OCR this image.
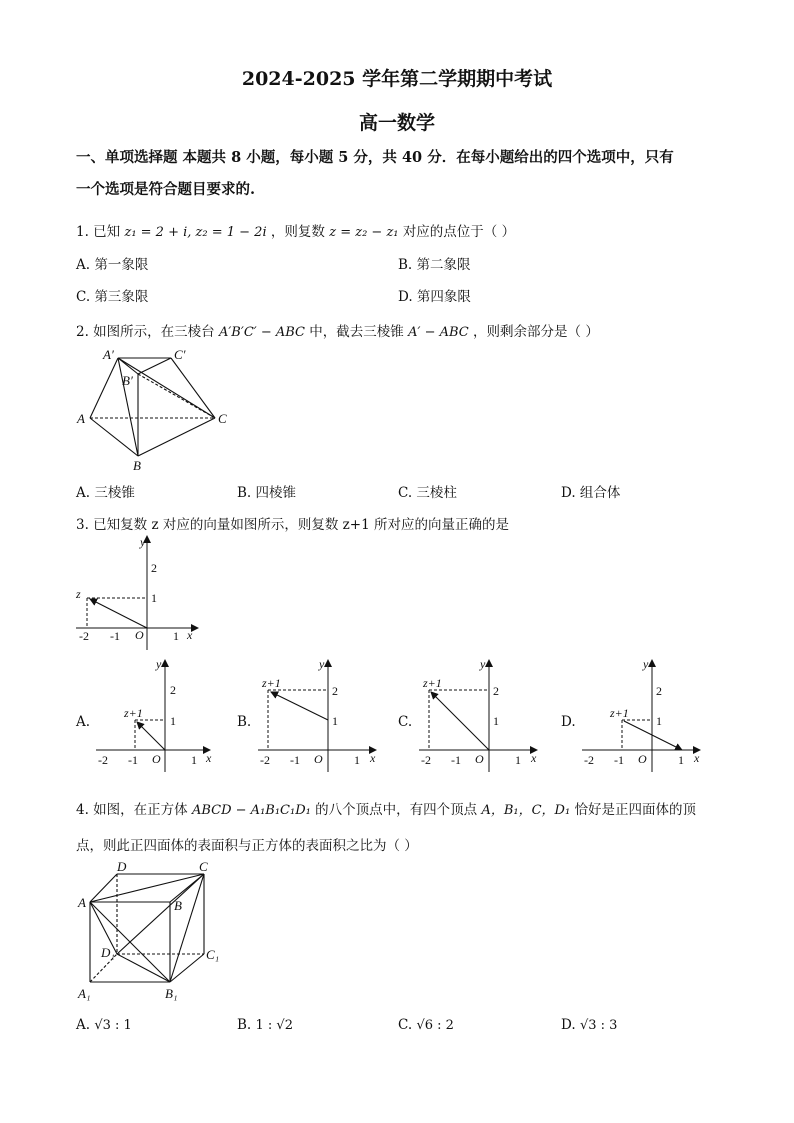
2024-2025 学年第二学期期中考试
高一数学
一、单项选择题 本题共 8 小题，每小题 5 分，共 40 分．在每小题给出的四个选项中，只有
一个选项是符合题目要求的.
1. 已知 z₁ = 2 + i, z₂ = 1 − 2i ，则复数 z = z₂ − z₁ 对应的点位于（ ）
A. 第一象限	B. 第二象限
C. 第三象限	D. 第四象限
2. 如图所示，在三棱台 A′B′C′ − ABC 中，截去三棱锥 A′ − ABC ，则剩余部分是（ ）
A′	C′
B′
A	C
B
A. 三棱锥	B. 四棱锥	C. 三棱柱	D. 组合体
3. 已知复数 z 对应的向量如图所示，则复数 z+1 所对应的向量正确的是
y
x
O
-2 -1	1
2
1
z
A.
y
x
O
-2 -1	1
2
1
z+1
B.
y
x
O
-2 -1	1
2
1
z+1
C.
y
x
O
-2 -1	1
2
1
z+1
D.
y
x
O
-2 -1	1
2
1
z+1
4. 如图，在正方体 ABCD − A₁B₁C₁D₁ 的八个顶点中，有四个顶点 A，B₁，C，D₁ 恰好是正四面体的顶
点，则此正四面体的表面积与正方体的表面积之比为（ ）
A	B
C
D
D₁	C₁
A₁	B₁
A. √3 : 1	B. 1 : √2	C. √6 : 2	D. √3 : 3
